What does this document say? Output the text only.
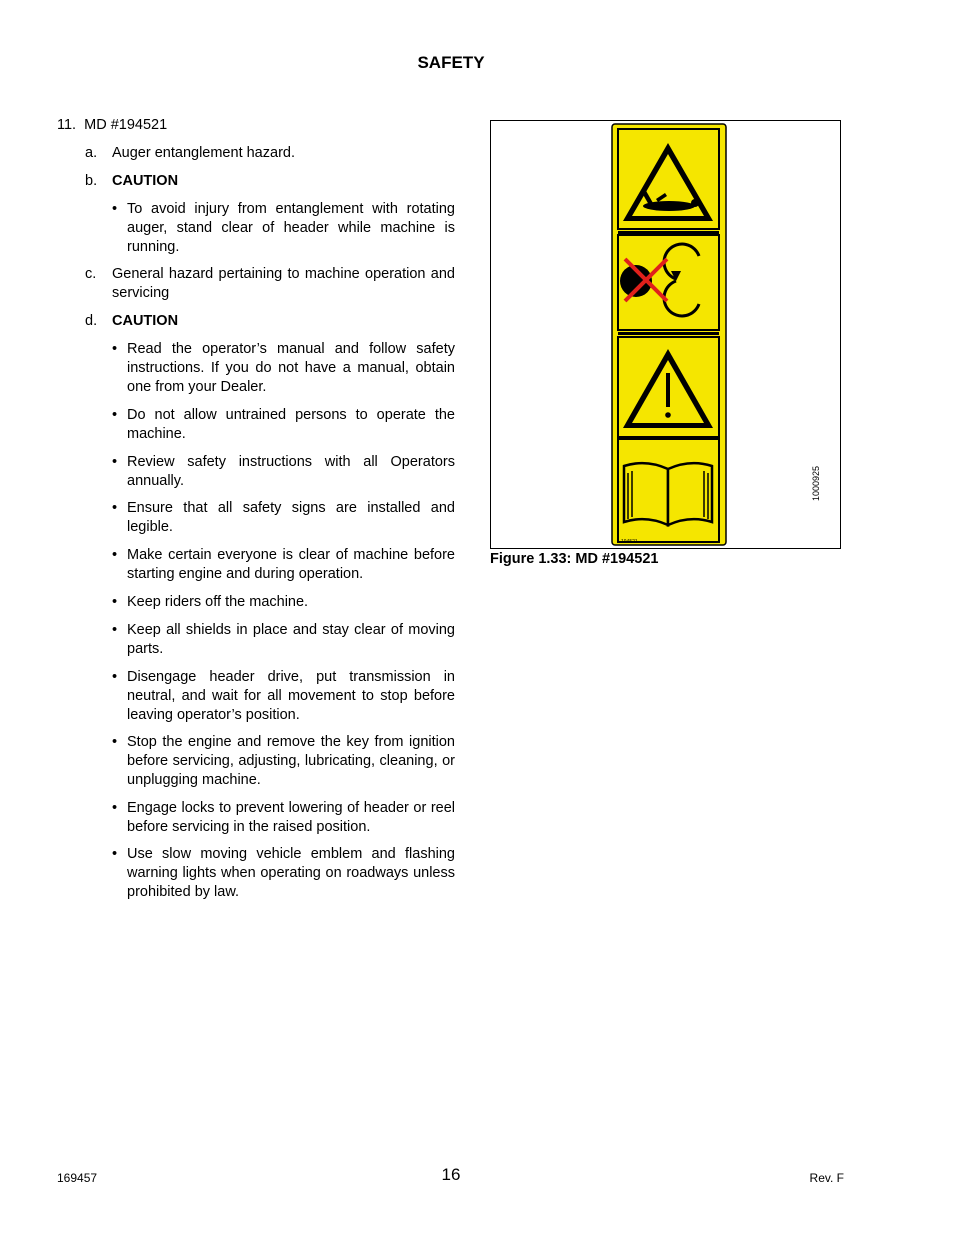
SAFETY
11. MD #194521
a. Auger entanglement hazard.
b. CAUTION
• To avoid injury from entanglement with rotating auger, stand clear of header while machine is running.
c. General hazard pertaining to machine operation and servicing
d. CAUTION
• Read the operator’s manual and follow safety instructions. If you do not have a manual, obtain one from your Dealer.
• Do not allow untrained persons to operate the machine.
• Review safety instructions with all Operators annually.
• Ensure that all safety signs are installed and legible.
• Make certain everyone is clear of machine before starting engine and during operation.
• Keep riders off the machine.
• Keep all shields in place and stay clear of moving parts.
• Disengage header drive, put transmission in neutral, and wait for all movement to stop before leaving operator’s position.
• Stop the engine and remove the key from ignition before servicing, adjusting, lubricating, cleaning, or unplugging machine.
• Engage locks to prevent lowering of header or reel before servicing in the raised position.
• Use slow moving vehicle emblem and flashing warning lights when operating on roadways unless prohibited by law.
194521
1000925
Figure 1.33: MD #194521
169457	16	Rev. F
